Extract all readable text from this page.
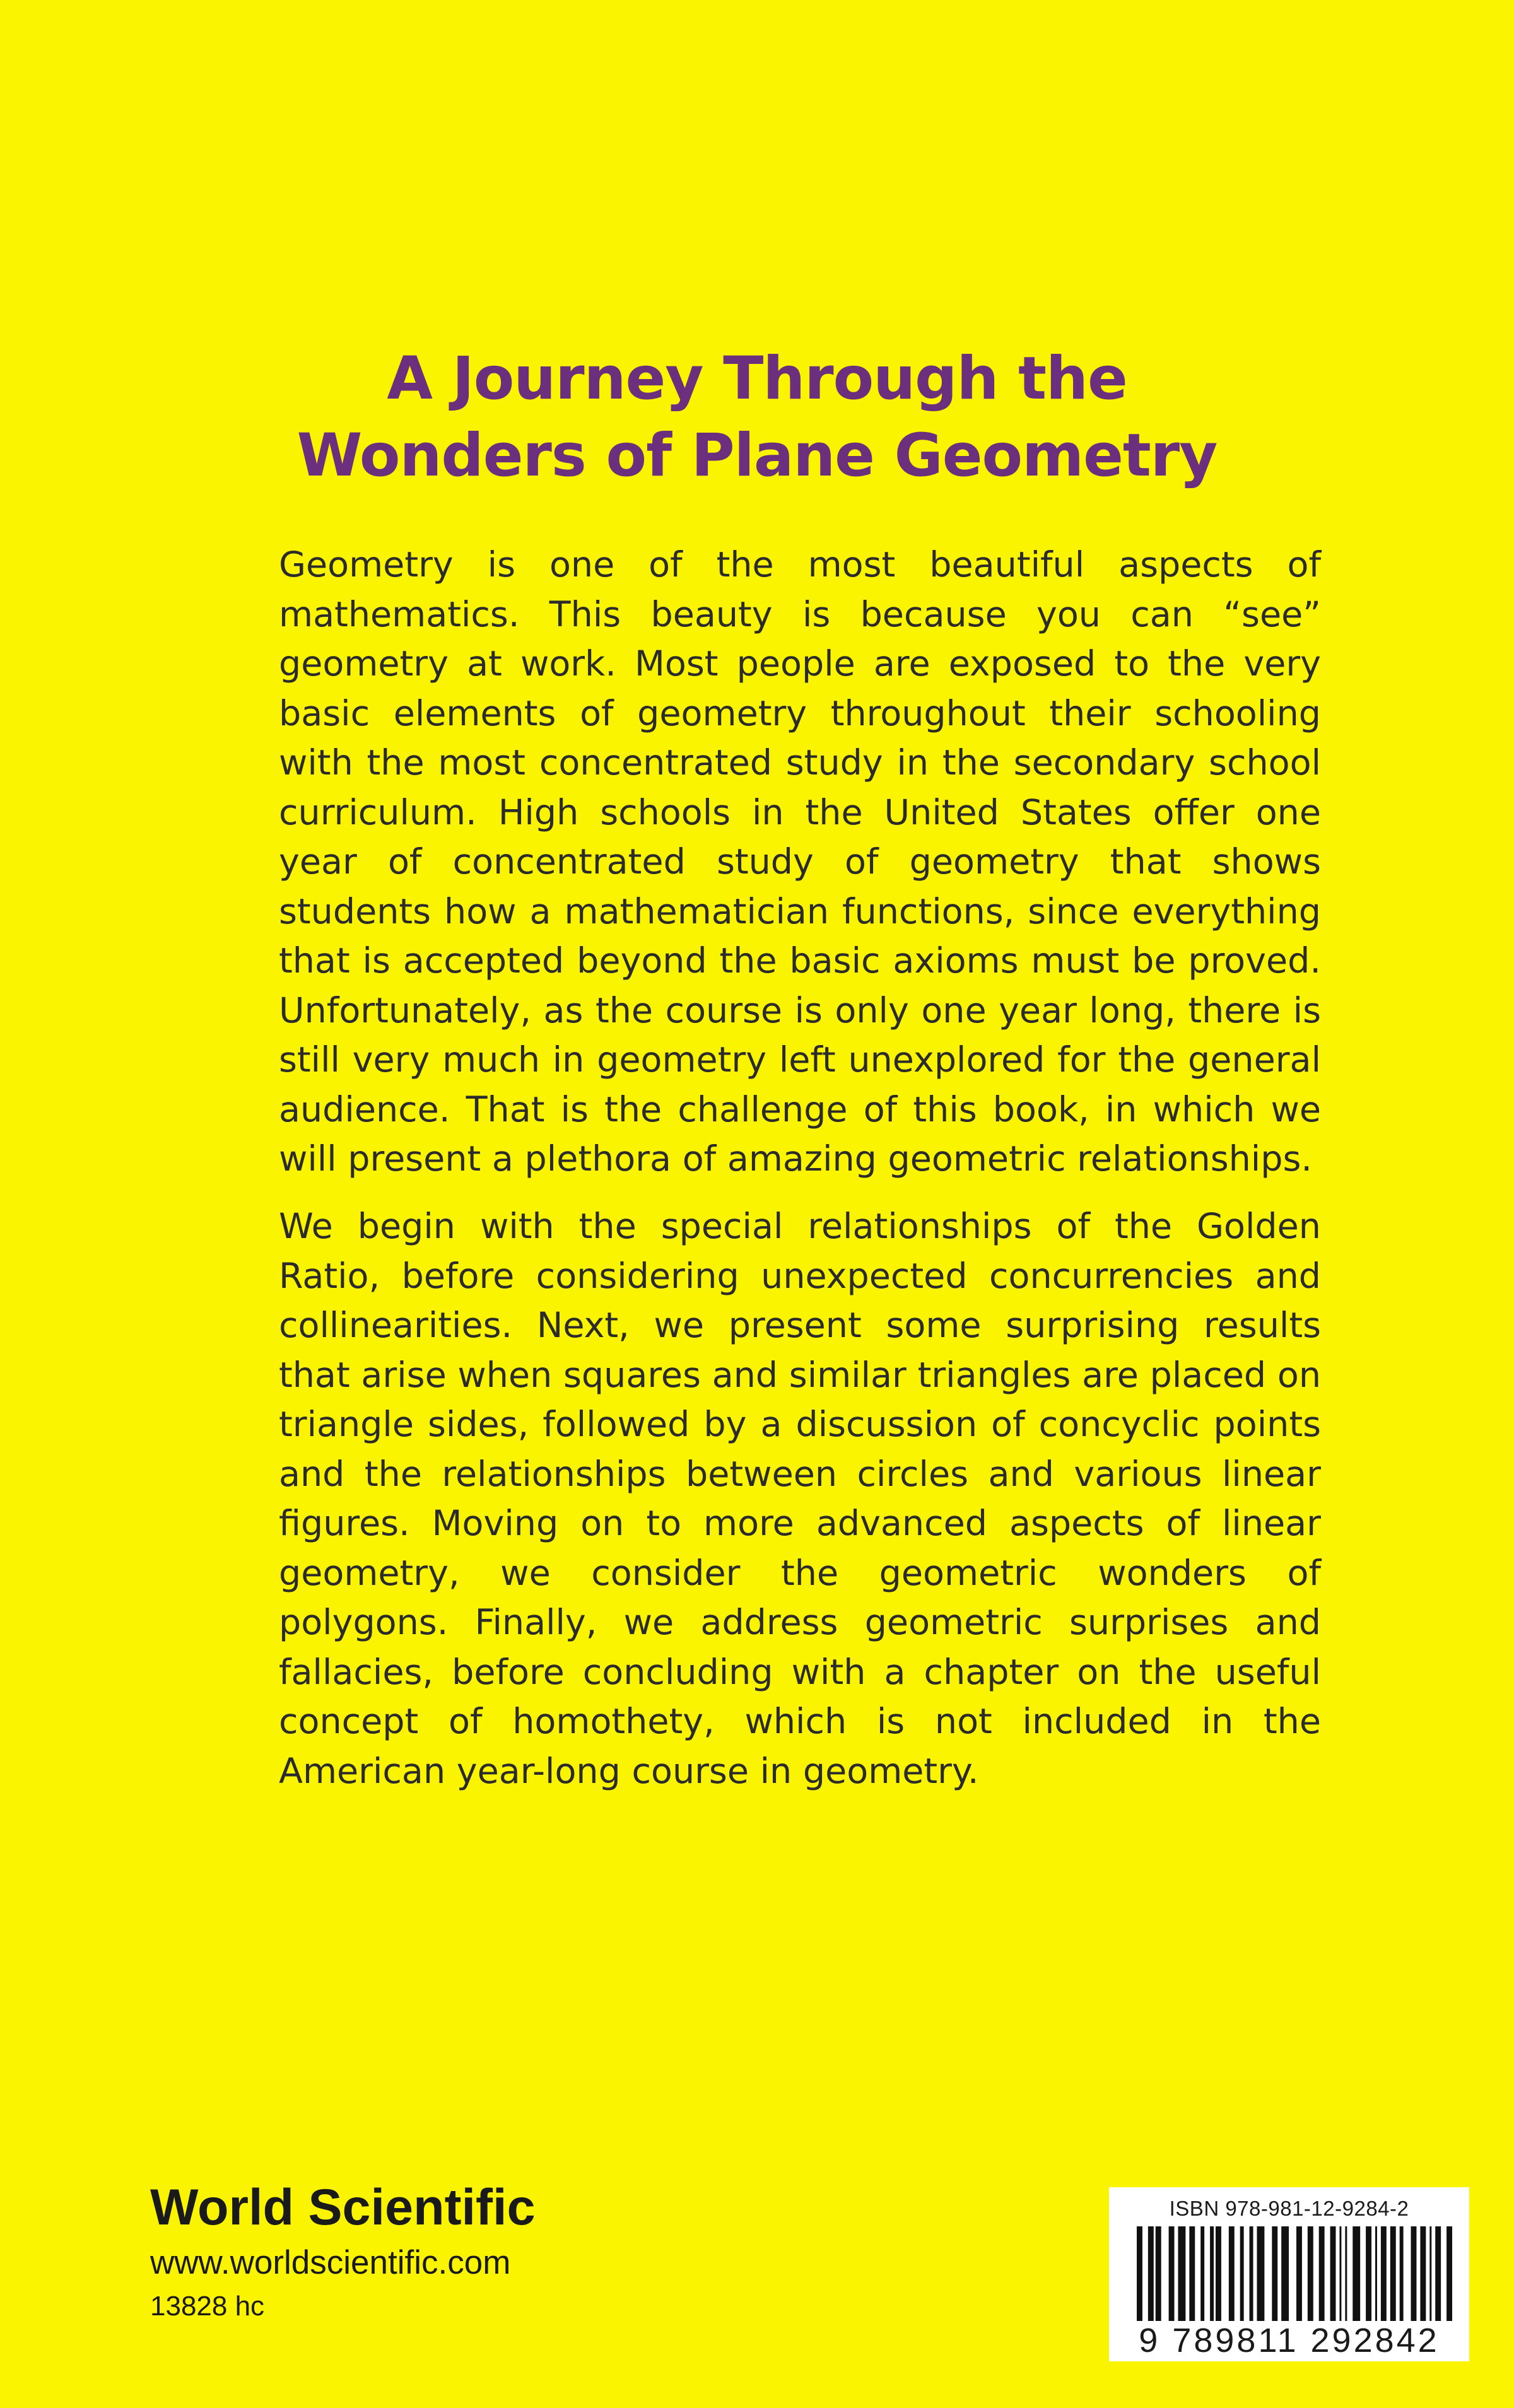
A Journey Through the
Wonders of Plane Geometry

Geometry is one of the most beautiful aspects of mathematics. This beauty is because you can “see” geometry at work. Most people are exposed to the very basic elements of geometry throughout their schooling with the most concentrated study in the secondary school curriculum. High schools in the United States offer one year of concentrated study of geometry that shows students how a mathematician functions, since everything that is accepted beyond the basic axioms must be proved. Unfortunately, as the course is only one year long, there is still very much in geometry left unexplored for the general audience. That is the challenge of this book, in which we will present a plethora of amazing geometric relationships.

We begin with the special relationships of the Golden Ratio, before considering unexpected concurrencies and collinearities. Next, we present some surprising results that arise when squares and similar triangles are placed on triangle sides, followed by a discussion of concyclic points and the relationships between circles and various linear figures. Moving on to more advanced aspects of linear geometry, we consider the geometric wonders of polygons. Finally, we address geometric surprises and fallacies, before concluding with a chapter on the useful concept of homothety, which is not included in the American year-long course in geometry.

World Scientific

www.worldscientific.com

13828 hc

ISBN 978-981-12-9284-2
9 789811 292842
